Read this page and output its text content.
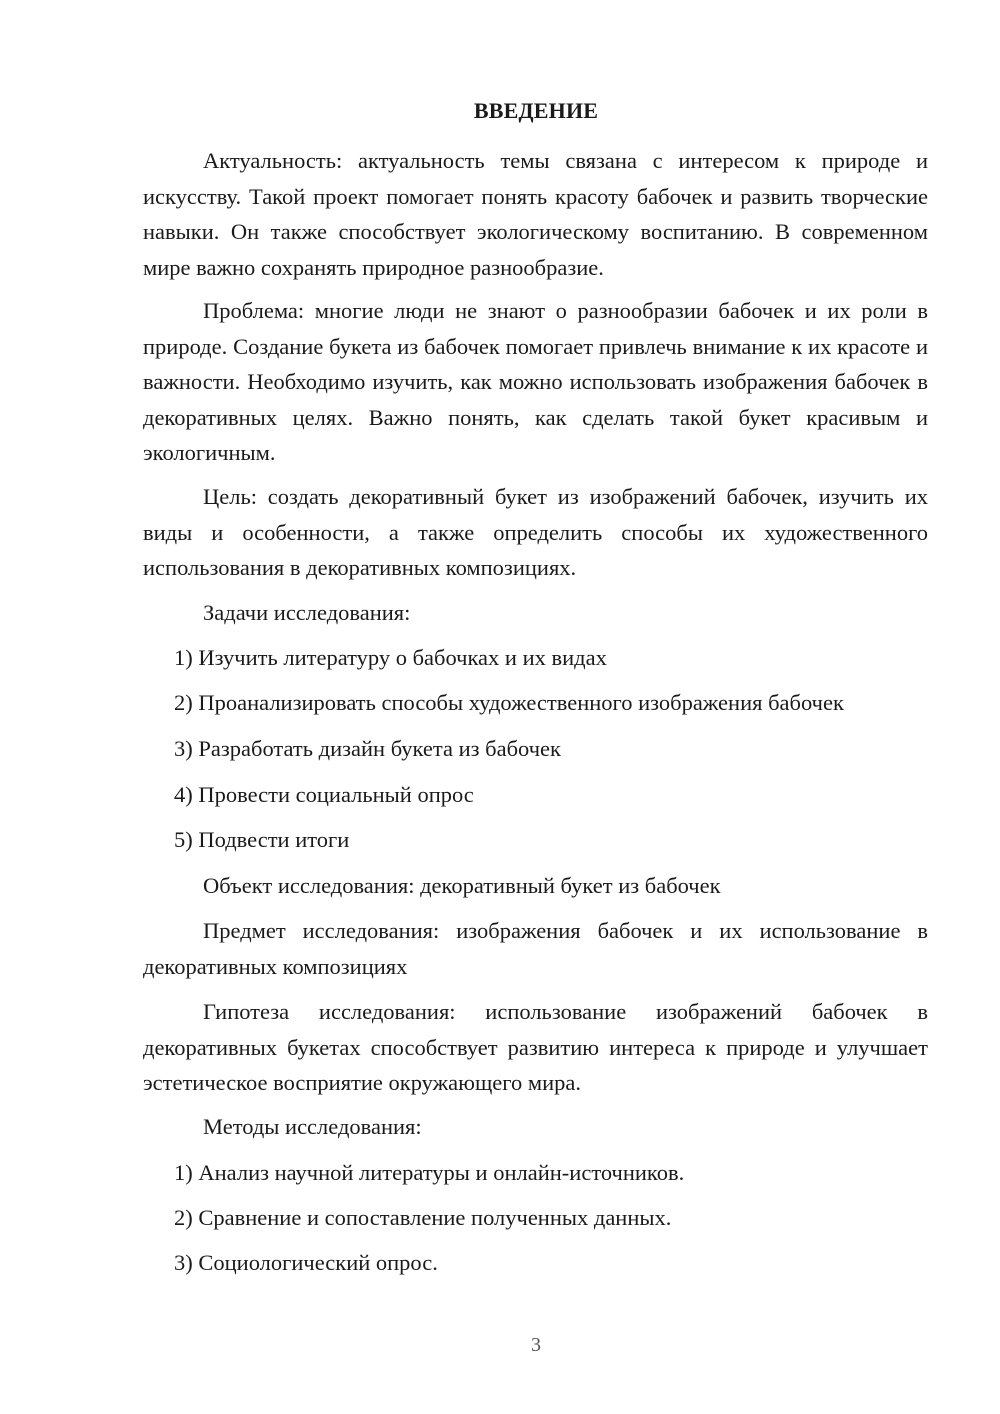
ВВЕДЕНИЕ

Актуальность: актуальность темы связана с интересом к природе и искусству. Такой проект помогает понять красоту бабочек и развить творческие навыки. Он также способствует экологическому воспитанию. В современном мире важно сохранять природное разнообразие.

Проблема: многие люди не знают о разнообразии бабочек и их роли в природе. Создание букета из бабочек помогает привлечь внимание к их красоте и важности. Необходимо изучить, как можно использовать изображения бабочек в декоративных целях. Важно понять, как сделать такой букет красивым и экологичным.

Цель: создать декоративный букет из изображений бабочек, изучить их виды и особенности, а также определить способы их художественного использования в декоративных композициях.

Задачи исследования:

1) Изучить литературу о бабочках и их видах

2) Проанализировать способы художественного изображения бабочек

3) Разработать дизайн букета из бабочек

4) Провести социальный опрос

5) Подвести итоги

Объект исследования: декоративный букет из бабочек

Предмет исследования: изображения бабочек и их использование в декоративных композициях

Гипотеза исследования: использование изображений бабочек в декоративных букетах способствует развитию интереса к природе и улучшает эстетическое восприятие окружающего мира.

Методы исследования:

1) Анализ научной литературы и онлайн-источников.

2) Сравнение и сопоставление полученных данных.

3) Социологический опрос.

3
